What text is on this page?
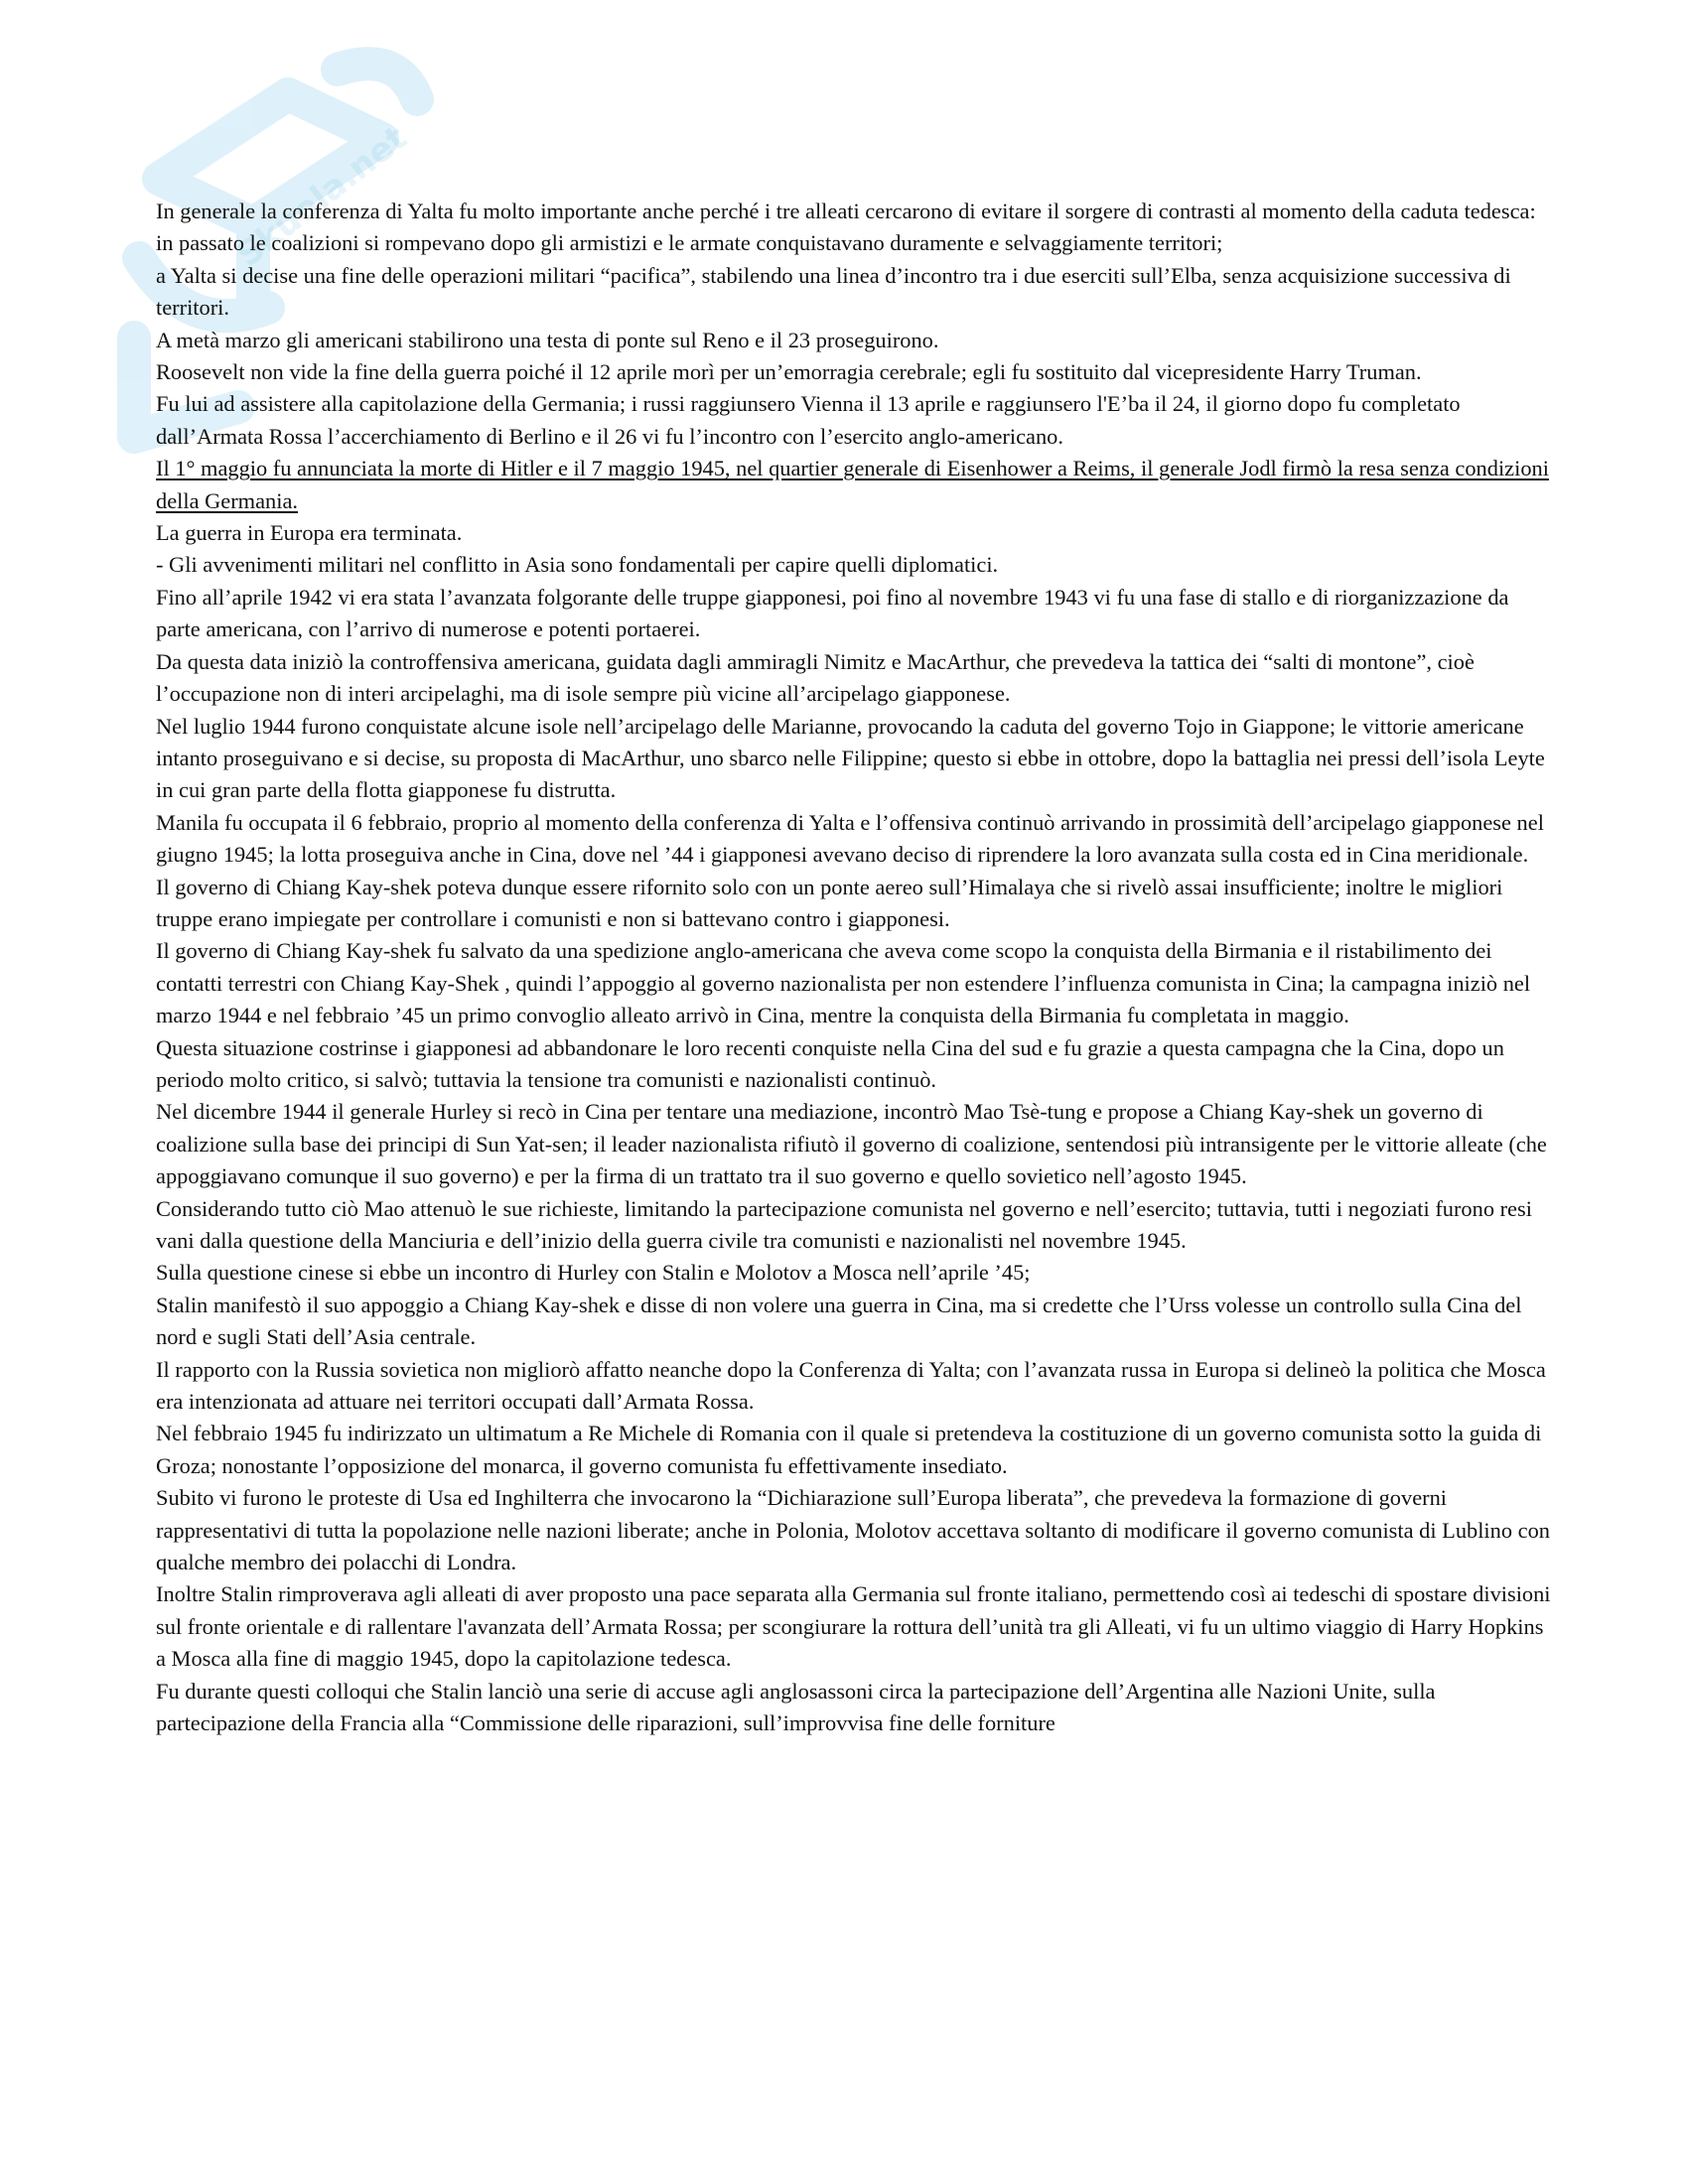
Skuola.net

In generale la conferenza di Yalta fu molto importante anche perché i tre alleati cercarono di evitare il sorgere di contrasti al momento della caduta tedesca: in passato le coalizioni si rompevano dopo gli armistizi e le armate conquistavano duramente e selvaggiamente territori;

a Yalta si decise una fine delle operazioni militari “pacifica”, stabilendo una linea d’incontro tra i due eserciti sull’Elba, senza acquisizione successiva di territori.

A metà marzo gli americani stabilirono una testa di ponte sul Reno e il 23 proseguirono.

Roosevelt non vide la fine della guerra poiché il 12 aprile morì per un’emorragia cerebrale; egli fu sostituito dal vicepresidente Harry Truman.

Fu lui ad assistere alla capitolazione della Germania; i russi raggiunsero Vienna il 13 aprile e raggiunsero l'E’ba il 24, il giorno dopo fu completato dall’Armata Rossa l’accerchiamento di Berlino e il 26 vi fu l’incontro con l’esercito anglo-americano.

Il 1° maggio fu annunciata la morte di Hitler e il 7 maggio 1945, nel quartier generale di Eisenhower a Reims, il generale Jodl firmò la resa senza condizioni della Germania.

La guerra in Europa era terminata.

- Gli avvenimenti militari nel conflitto in Asia sono fondamentali per capire quelli diplomatici.

Fino all’aprile 1942 vi era stata l’avanzata folgorante delle truppe giapponesi, poi fino al novembre 1943 vi fu una fase di stallo e di riorganizzazione da parte americana, con l’arrivo di numerose e potenti portaerei.

Da questa data iniziò la controffensiva americana, guidata dagli ammiragli Nimitz e MacArthur, che prevedeva la tattica dei “salti di montone”, cioè l’occupazione non di interi arcipelaghi, ma di isole sempre più vicine all’arcipelago giapponese.

Nel luglio 1944 furono conquistate alcune isole nell’arcipelago delle Marianne, provocando la caduta del governo Tojo in Giappone; le vittorie americane intanto proseguivano e si decise, su proposta di MacArthur, uno sbarco nelle Filippine; questo si ebbe in ottobre, dopo la battaglia nei pressi dell’isola Leyte in cui gran parte della flotta giapponese fu distrutta.

Manila fu occupata il 6 febbraio, proprio al momento della conferenza di Yalta e l’offensiva continuò arrivando in prossimità dell’arcipelago giapponese nel giugno 1945; la lotta proseguiva anche in Cina, dove nel ’44 i giapponesi avevano deciso di riprendere la loro avanzata sulla costa ed in Cina meridionale.

Il governo di Chiang Kay-shek poteva dunque essere rifornito solo con un ponte aereo sull’Himalaya che si rivelò assai insufficiente; inoltre le migliori truppe erano impiegate per controllare i comunisti e non si battevano contro i giapponesi.

Il governo di Chiang Kay-shek fu salvato da una spedizione anglo-americana che aveva come scopo la conquista della Birmania e il ristabilimento dei contatti terrestri con Chiang Kay-Shek , quindi l’appoggio al governo nazionalista per non estendere l’influenza comunista in Cina; la campagna iniziò nel marzo 1944 e nel febbraio ’45 un primo convoglio alleato arrivò in Cina, mentre la conquista della Birmania fu completata in maggio.

Questa situazione costrinse i giapponesi ad abbandonare le loro recenti conquiste nella Cina del sud e fu grazie a questa campagna che la Cina, dopo un periodo molto critico, si salvò; tuttavia la tensione tra comunisti e nazionalisti continuò.

Nel dicembre 1944 il generale Hurley si recò in Cina per tentare una mediazione, incontrò Mao Tsè-tung e propose a Chiang Kay-shek un governo di coalizione sulla base dei principi di Sun Yat-sen; il leader nazionalista rifiutò il governo di coalizione, sentendosi più intransigente per le vittorie alleate (che appoggiavano comunque il suo governo) e per la firma di un trattato tra il suo governo e quello sovietico nell’agosto 1945.

Considerando tutto ciò Mao attenuò le sue richieste, limitando la partecipazione comunista nel governo e nell’esercito; tuttavia, tutti i negoziati furono resi vani dalla questione della Manciuria e dell’inizio della guerra civile tra comunisti e nazionalisti nel novembre 1945.

Sulla questione cinese si ebbe un incontro di Hurley con Stalin e Molotov a Mosca nell’aprile ’45;

Stalin manifestò il suo appoggio a Chiang Kay-shek e disse di non volere una guerra in Cina, ma si credette che l’Urss volesse un controllo sulla Cina del nord e sugli Stati dell’Asia centrale.

Il rapporto con la Russia sovietica non migliorò affatto neanche dopo la Conferenza di Yalta; con l’avanzata russa in Europa si delineò la politica che Mosca era intenzionata ad attuare nei territori occupati dall’Armata Rossa.

Nel febbraio 1945 fu indirizzato un ultimatum a Re Michele di Romania con il quale si pretendeva la costituzione di un governo comunista sotto la guida di Groza; nonostante l’opposizione del monarca, il governo comunista fu effettivamente insediato.

Subito vi furono le proteste di Usa ed Inghilterra che invocarono la “Dichiarazione sull’Europa liberata”, che prevedeva la formazione di governi rappresentativi di tutta la popolazione nelle nazioni liberate; anche in Polonia, Molotov accettava soltanto di modificare il governo comunista di Lublino con qualche membro dei polacchi di Londra.

Inoltre Stalin rimproverava agli alleati di aver proposto una pace separata alla Germania sul fronte italiano, permettendo così ai tedeschi di spostare divisioni sul fronte orientale e di rallentare l'avanzata dell’Armata Rossa; per scongiurare la rottura dell’unità tra gli Alleati, vi fu un ultimo viaggio di Harry Hopkins a Mosca alla fine di maggio 1945, dopo la capitolazione tedesca.

Fu durante questi colloqui che Stalin lanciò una serie di accuse agli anglosassoni circa la partecipazione dell’Argentina alle Nazioni Unite, sulla partecipazione della Francia alla “Commissione delle riparazioni, sull’improvvisa fine delle forniture
